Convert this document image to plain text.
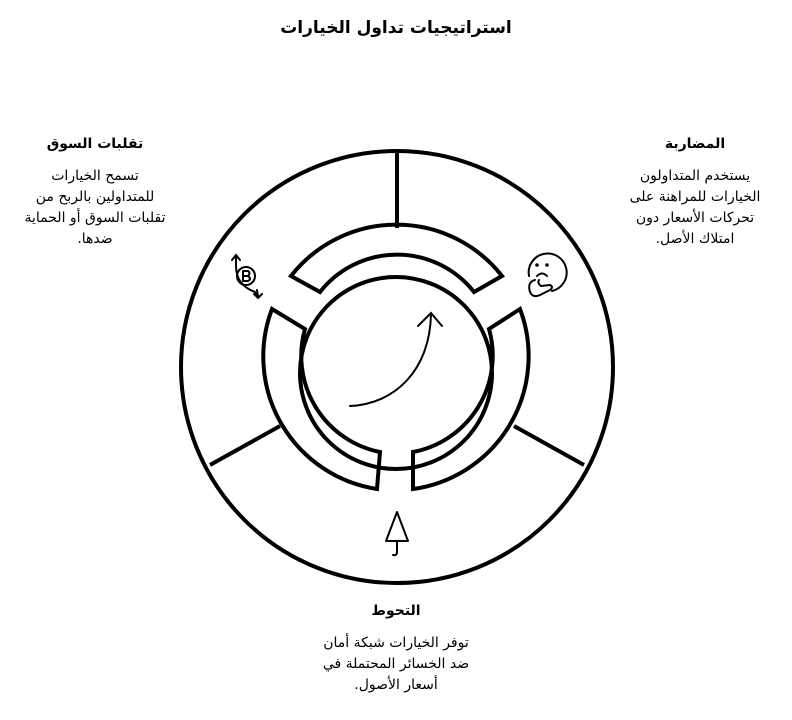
استراتيجيات تداول الخيارات
تقلبات السوق
تسمح الخيارات
للمتداولين بالربح من
تقلبات السوق أو الحماية
ضدها.
المضاربة
يستخدم المتداولون
الخيارات للمراهنة على
تحركات الأسعار دون
امتلاك الأصل.
التحوط
توفر الخيارات شبكة أمان
ضد الخسائر المحتملة في
أسعار الأصول.
